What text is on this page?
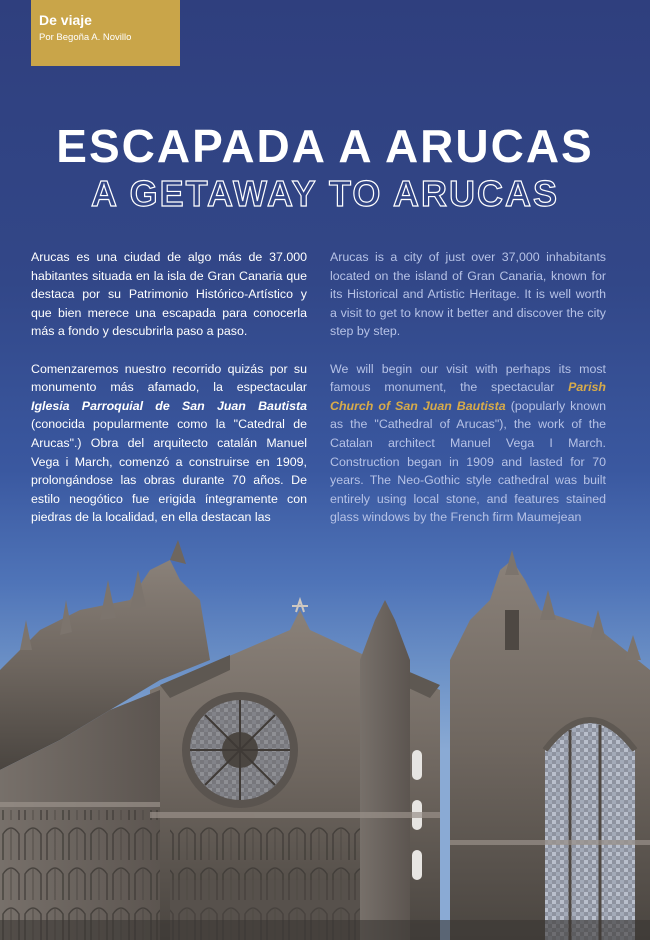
De viaje
Por Begoña A. Novillo
ESCAPADA A ARUCAS
A GETAWAY TO ARUCAS

Arucas es una ciudad de algo más de 37.000 habitantes situada en la isla de Gran Canaria que destaca por su Patrimonio Histórico-Artístico y que bien merece una escapada para conocerla más a fondo y descubrirla paso a paso.

Comenzaremos nuestro recorrido quizás por su monumento más afamado, la espectacular Iglesia Parroquial de San Juan Bautista (conocida popularmente como la "Catedral de Arucas".) Obra del arquitecto catalán Manuel Vega i March, comenzó a construirse en 1909, prolongándose las obras durante 70 años. De estilo neogótico fue erigida íntegramente con piedras de la localidad, en ella destacan las

Arucas is a city of just over 37,000 inhabitants located on the island of Gran Canaria, known for its Historical and Artistic Heritage. It is well worth a visit to get to know it better and discover the city step by step.

We will begin our visit with perhaps its most famous monument, the spectacular Parish Church of San Juan Bautista (popularly known as the "Cathedral of Arucas"), the work of the Catalan architect Manuel Vega I March. Construction began in 1909 and lasted for 70 years. The Neo-Gothic style cathedral was built entirely using local stone, and features stained glass windows by the French firm Maumejean
